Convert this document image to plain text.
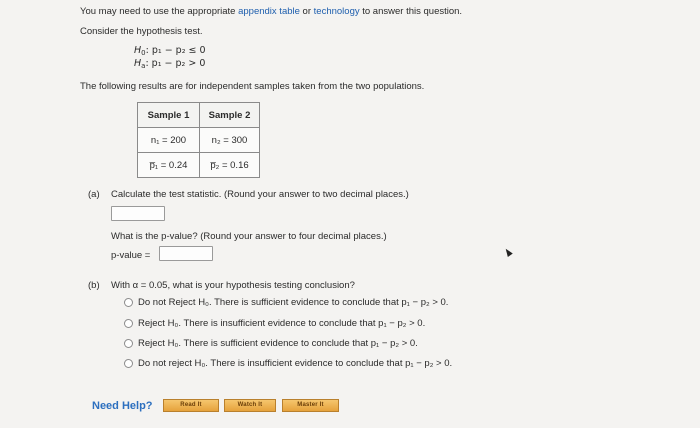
You may need to use the appropriate appendix table or technology to answer this question.
Consider the hypothesis test.
$H_0$: p₁ − p₂ ≤ 0
$H_a$: p₁ − p₂ > 0
The following results are for independent samples taken from the two populations.
Sample 1	Sample 2
n₁ = 200	n₂ = 300
p̅₁ = 0.24	p̅₂ = 0.16
(a) Calculate the test statistic. (Round your answer to two decimal places.)
What is the p-value? (Round your answer to four decimal places.)
p-value =
(b) With α = 0.05, what is your hypothesis testing conclusion?
Do not Reject H₀. There is sufficient evidence to conclude that p₁ − p₂ > 0.
Reject H₀. There is insufficient evidence to conclude that p₁ − p₂ > 0.
Reject H₀. There is sufficient evidence to conclude that p₁ − p₂ > 0.
Do not reject H₀. There is insufficient evidence to conclude that p₁ − p₂ > 0.
Need Help?	Read It	Watch It	Master It
